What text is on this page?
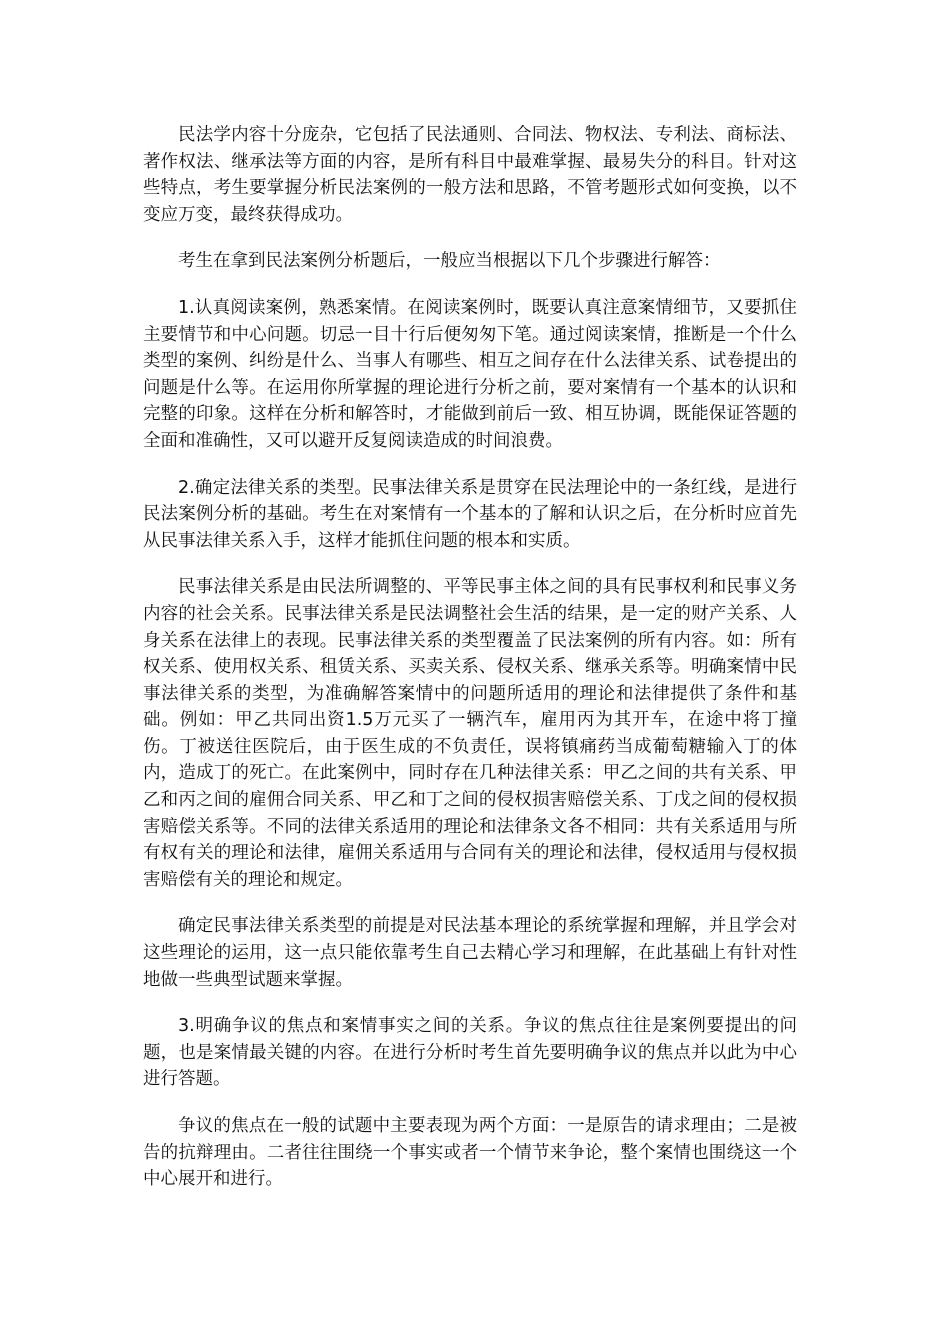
民法学内容十分庞杂，它包括了民法通则、合同法、物权法、专利法、商标法、著作权法、继承法等方面的内容，是所有科目中最难掌握、最易失分的科目。针对这些特点，考生要掌握分析民法案例的一般方法和思路，不管考题形式如何变换，以不变应万变，最终获得成功。

考生在拿到民法案例分析题后，一般应当根据以下几个步骤进行解答：

1.认真阅读案例，熟悉案情。在阅读案例时，既要认真注意案情细节，又要抓住主要情节和中心问题。切忌一目十行后便匆匆下笔。通过阅读案情，推断是一个什么类型的案例、纠纷是什么、当事人有哪些、相互之间存在什么法律关系、试卷提出的问题是什么等。在运用你所掌握的理论进行分析之前，要对案情有一个基本的认识和完整的印象。这样在分析和解答时，才能做到前后一致、相互协调，既能保证答题的全面和准确性，又可以避开反复阅读造成的时间浪费。

2.确定法律关系的类型。民事法律关系是贯穿在民法理论中的一条红线，是进行民法案例分析的基础。考生在对案情有一个基本的了解和认识之后，在分析时应首先从民事法律关系入手，这样才能抓住问题的根本和实质。

民事法律关系是由民法所调整的、平等民事主体之间的具有民事权利和民事义务内容的社会关系。民事法律关系是民法调整社会生活的结果，是一定的财产关系、人身关系在法律上的表现。民事法律关系的类型覆盖了民法案例的所有内容。如：所有权关系、使用权关系、租赁关系、买卖关系、侵权关系、继承关系等。明确案情中民事法律关系的类型，为准确解答案情中的问题所适用的理论和法律提供了条件和基础。例如：甲乙共同出资1.5万元买了一辆汽车，雇用丙为其开车，在途中将丁撞伤。丁被送往医院后，由于医生成的不负责任，误将镇痛药当成葡萄糖输入丁的体内，造成丁的死亡。在此案例中，同时存在几种法律关系：甲乙之间的共有关系、甲乙和丙之间的雇佣合同关系、甲乙和丁之间的侵权损害赔偿关系、丁戊之间的侵权损害赔偿关系等。不同的法律关系适用的理论和法律条文各不相同：共有关系适用与所有权有关的理论和法律，雇佣关系适用与合同有关的理论和法律，侵权适用与侵权损害赔偿有关的理论和规定。

确定民事法律关系类型的前提是对民法基本理论的系统掌握和理解，并且学会对这些理论的运用，这一点只能依靠考生自己去精心学习和理解，在此基础上有针对性地做一些典型试题来掌握。

3.明确争议的焦点和案情事实之间的关系。争议的焦点往往是案例要提出的问题，也是案情最关键的内容。在进行分析时考生首先要明确争议的焦点并以此为中心进行答题。

争议的焦点在一般的试题中主要表现为两个方面：一是原告的请求理由；二是被告的抗辩理由。二者往往围绕一个事实或者一个情节来争论，整个案情也围绕这一个中心展开和进行。
